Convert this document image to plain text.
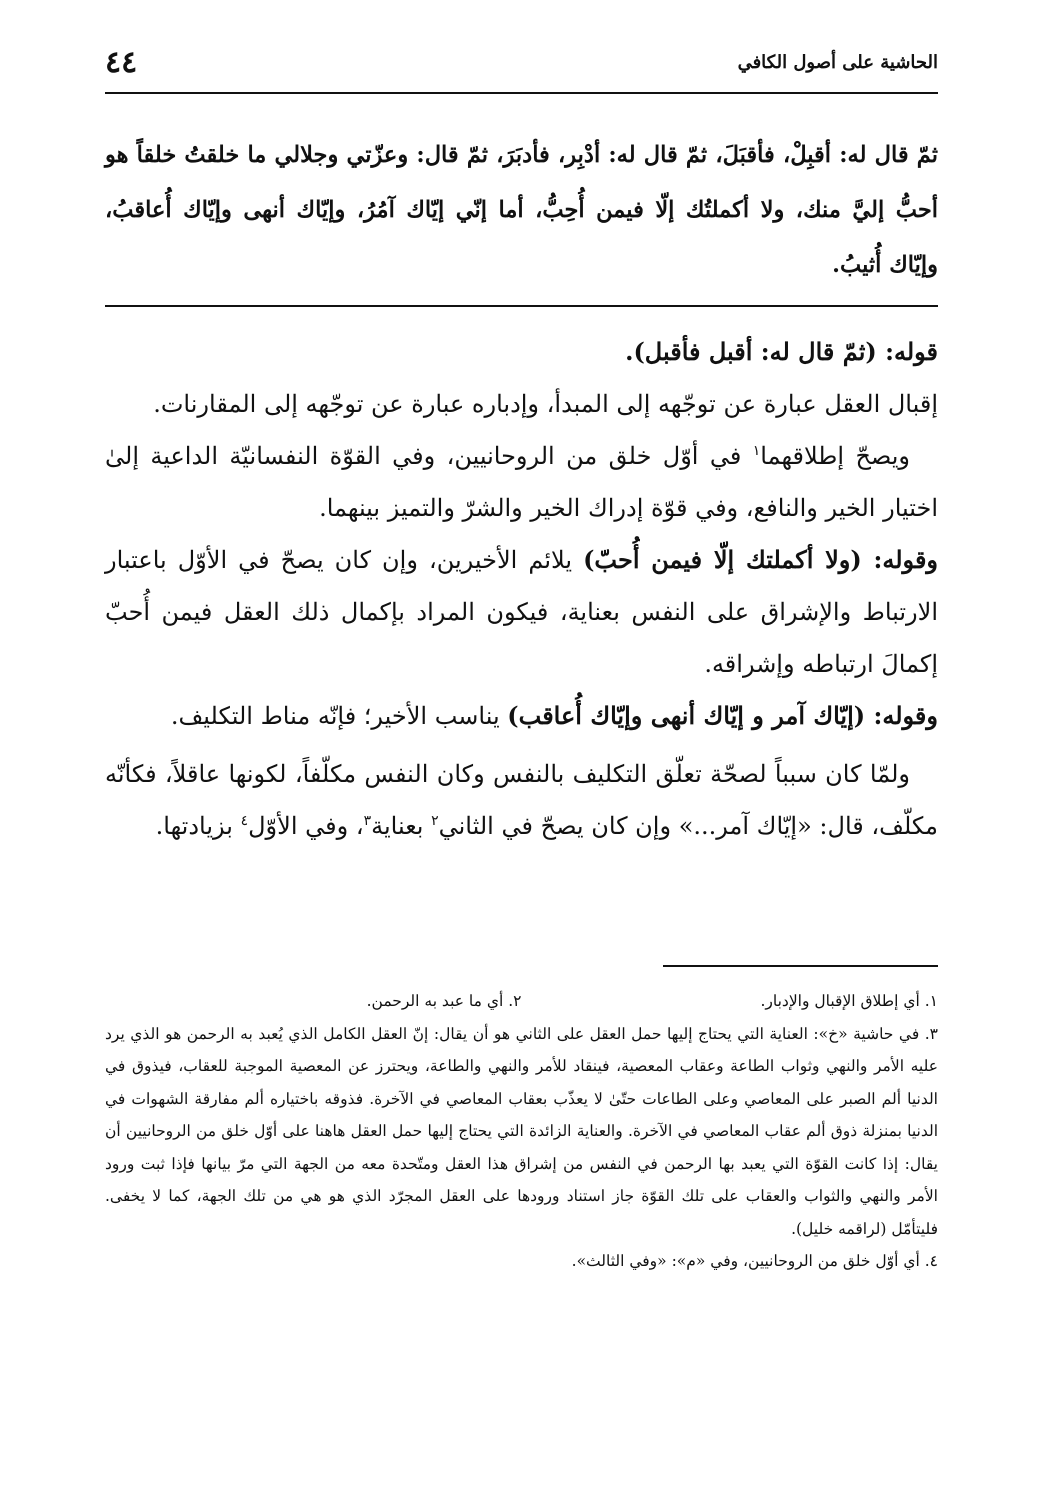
الحاشية على أصول الكافي
٤٤
ثمّ قال له: أقبِلْ، فأقبَلَ، ثمّ قال له: أدْبِر، فأدبَرَ، ثمّ قال: وعزّتي وجلالي ما خلقتُ خلقاً هو أحبُّ إليَّ منك، ولا أكملتُك إلّا فيمن أُحِبُّ، أما إنّي إيّاك آمُرُ، وإيّاك أنهى وإيّاك أُعاقبُ، وإيّاك أُثيبُ.

قوله: (ثمّ قال له: أقبل فأقبل).

إقبال العقل عبارة عن توجّهه إلى المبدأ، وإدباره عبارة عن توجّهه إلى المقارنات.

ويصحّ إطلاقهما$^١$ في أوّل خلق من الروحانيين، وفي القوّة النفسانيّة الداعية إلىٰ اختيار الخير والنافع، وفي قوّة إدراك الخير والشرّ والتميز بينهما.

وقوله: (ولا أكملتك إلّا فيمن أُحبّ) يلائم الأخيرين، وإن كان يصحّ في الأوّل باعتبار الارتباط والإشراق على النفس بعناية، فيكون المراد بإكمال ذلك العقل فيمن أُحبّ إكمالَ ارتباطه وإشراقه.

وقوله: (إيّاك آمر و إيّاك أنهى وإيّاك أُعاقب) يناسب الأخير؛ فإنّه مناط التكليف.

ولمّا كان سبباً لصحّة تعلّق التكليف بالنفس وكان النفس مكلّفاً، لكونها عاقلاً، فكأنّه مكلّف، قال: «إيّاك آمر...» وإن كان يصحّ في الثاني$^٢$ بعناية$^٣$، وفي الأوّل$^٤$ بزيادتها.

١. أي إطلاق الإقبال والإدبار.
٢. أي ما عبد به الرحمن.

٣. في حاشية «خ»: العناية التي يحتاج إليها حمل العقل على الثاني هو أن يقال: إنّ العقل الكامل الذي يُعبد به الرحمن هو الذي يرد عليه الأمر والنهي وثواب الطاعة وعقاب المعصية، فينقاد للأمر والنهي والطاعة، ويحترز عن المعصية الموجبة للعقاب، فيذوق في الدنيا ألم الصبر على المعاصي وعلى الطاعات حتّىٰ لا يعذّب بعقاب المعاصي في الآخرة. فذوقه باختياره ألم مفارقة الشهوات في الدنيا بمنزلة ذوق ألم عقاب المعاصي في الآخرة. والعناية الزائدة التي يحتاج إليها حمل العقل هاهنا على أوّل خلق من الروحانيين أن يقال: إذا كانت القوّة التي يعبد بها الرحمن في النفس من إشراق هذا العقل ومتّحدة معه من الجهة التي مرّ بيانها فإذا ثبت ورود الأمر والنهي والثواب والعقاب على تلك القوّة جاز استناد ورودها على العقل المجرّد الذي هو هي من تلك الجهة، كما لا يخفى. فليتأمّل (لراقمه خليل).

٤. أي أوّل خلق من الروحانيين، وفي «م»: «وفي الثالث».
